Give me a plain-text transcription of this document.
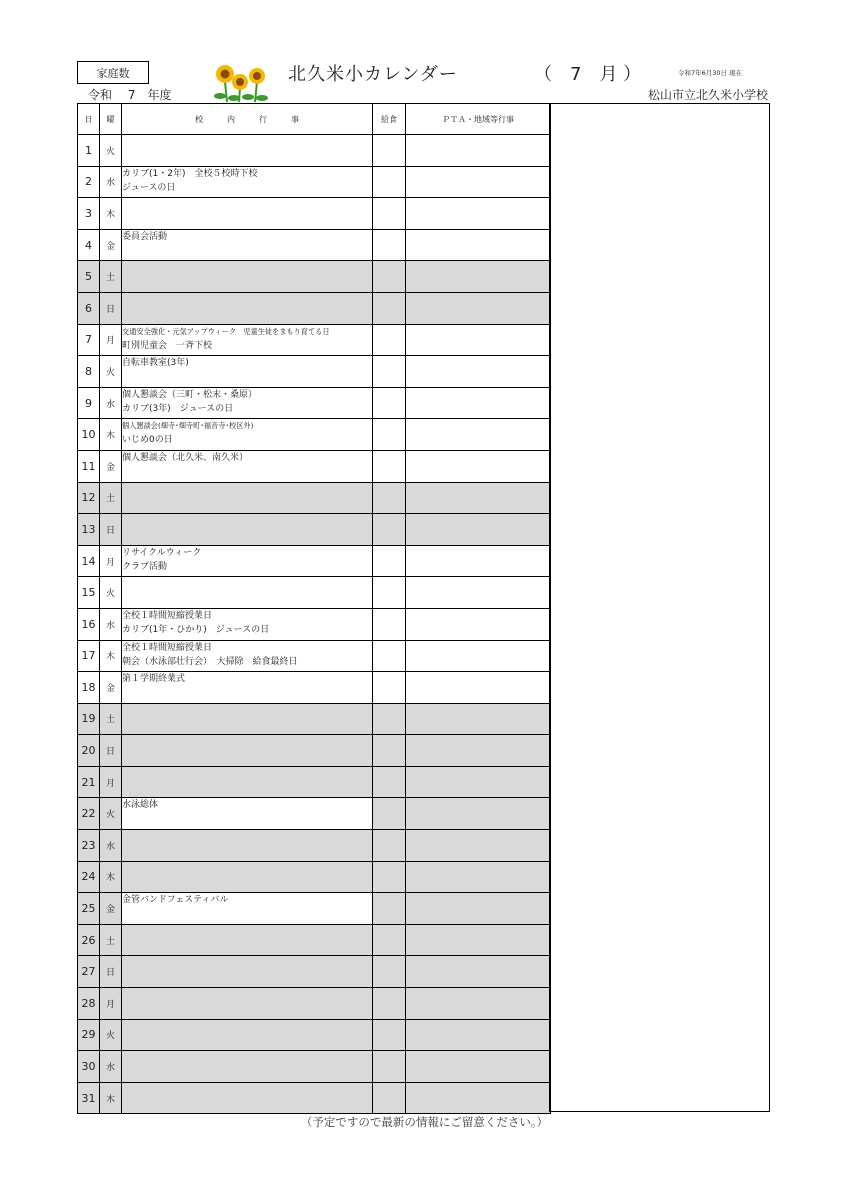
家庭数
令和　 7　年度
北久米小カレンダー	（　7　月 ）	令和7年6月30日 現在
松山市立北久米小学校
日	曜	校　　　内　　　行　　　事	給食	ＰＴＡ・地域等行事
1	火	

2	水	カリブ(1・2年)　全校５校時下校
ジュースの日		

3	木	

4	金	委員会活動		

5	土	

6	日	

7	月	交通安全強化・元気アップウィーク　児童生徒をまもり育てる日
町別児童会　一斉下校		

8	火	自転車教室(3年)		

9	水	個人懇談会（三町・松末・桑原）
カリブ(3年)　ジュースの日		

10	木	個人懇談会(畑寺･畑寺町･福音寺･校区外)
いじめ0の日		

11	金	個人懇談会（北久米、南久米）		

12	土	

13	日	

14	月	リサイクルウィーク
クラブ活動		

15	火	

16	水	全校１時間短縮授業日
カリブ(1年・ひかり)　ジュースの日		

17	木	全校１時間短縮授業日
朝会（水泳部壮行会）　大掃除　給食最終日		

18	金	第１学期終業式		

19	土	

20	日	

21	月	

22	火	水泳総体		

23	水	

24	木	

25	金	金管バンドフェスティバル		

26	土	

27	日	

28	月	

29	火	

30	水	

31	木	

（予定ですので最新の情報にご留意ください。）
